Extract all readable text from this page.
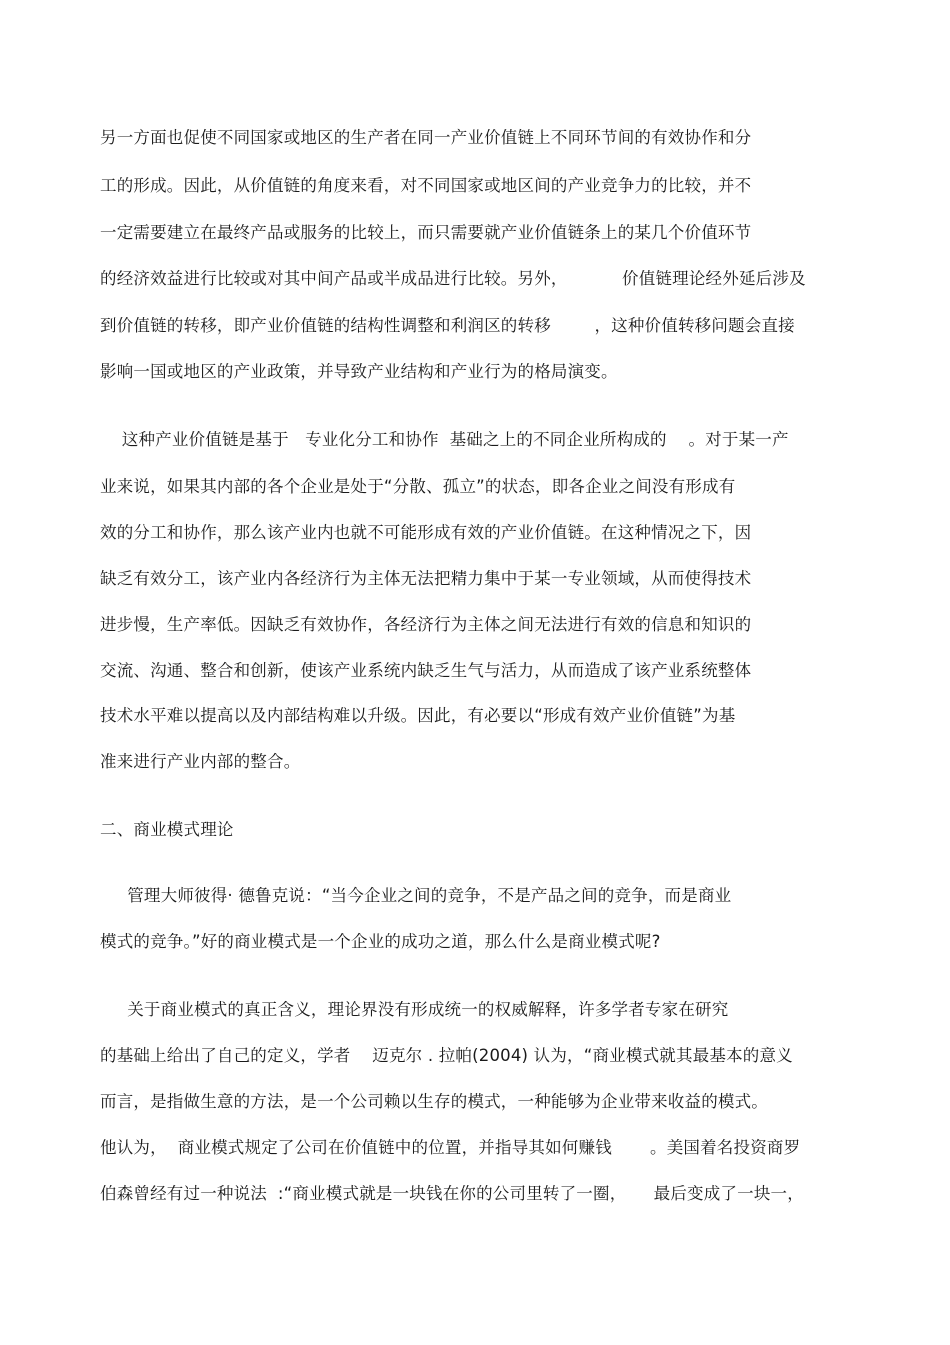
另一方面也促使不同国家或地区的生产者在同一产业价值链上不同环节间的有效协作和分

工的形成。因此，从价值链的角度来看，对不同国家或地区间的产业竞争力的比较，并不

一定需要建立在最终产品或服务的比较上，而只需要就产业价值链条上的某几个价值环节

的经济效益进行比较或对其中间产品或半成品进行比较。另外，          价值链理论经外延后涉及

到价值链的转移，即产业价值链的结构性调整和利润区的转移        ，这种价值转移问题会直接

影响一国或地区的产业政策，并导致产业结构和产业行为的格局演变。

这种产业价值链是基于   专业化分工和协作  基础之上的不同企业所构成的    。对于某一产

业来说，如果其内部的各个企业是处于“分散、孤立”的状态，即各企业之间没有形成有

效的分工和协作，那么该产业内也就不可能形成有效的产业价值链。在这种情况之下，因

缺乏有效分工，该产业内各经济行为主体无法把精力集中于某一专业领域，从而使得技术

进步慢，生产率低。因缺乏有效协作，各经济行为主体之间无法进行有效的信息和知识的

交流、沟通、整合和创新，使该产业系统内缺乏生气与活力，从而造成了该产业系统整体

技术水平难以提高以及内部结构难以升级。因此，有必要以“形成有效产业价值链”为基

准来进行产业内部的整合。

二、商业模式理论

管理大师彼得· 德鲁克说：“当今企业之间的竞争，不是产品之间的竞争，而是商业

模式的竞争。”好的商业模式是一个企业的成功之道，那么什么是商业模式呢?

关于商业模式的真正含义，理论界没有形成统一的权威解释，许多学者专家在研究

的基础上给出了自己的定义，学者    迈克尔 . 拉帕(2004) 认为，“商业模式就其最基本的意义

而言，是指做生意的方法，是一个公司赖以生存的模式，一种能够为企业带来收益的模式。

他认为，  商业模式规定了公司在价值链中的位置，并指导其如何赚钱       。美国着名投资商罗

伯森曾经有过一种说法  :“商业模式就是一块钱在你的公司里转了一圈，     最后变成了一块一，
